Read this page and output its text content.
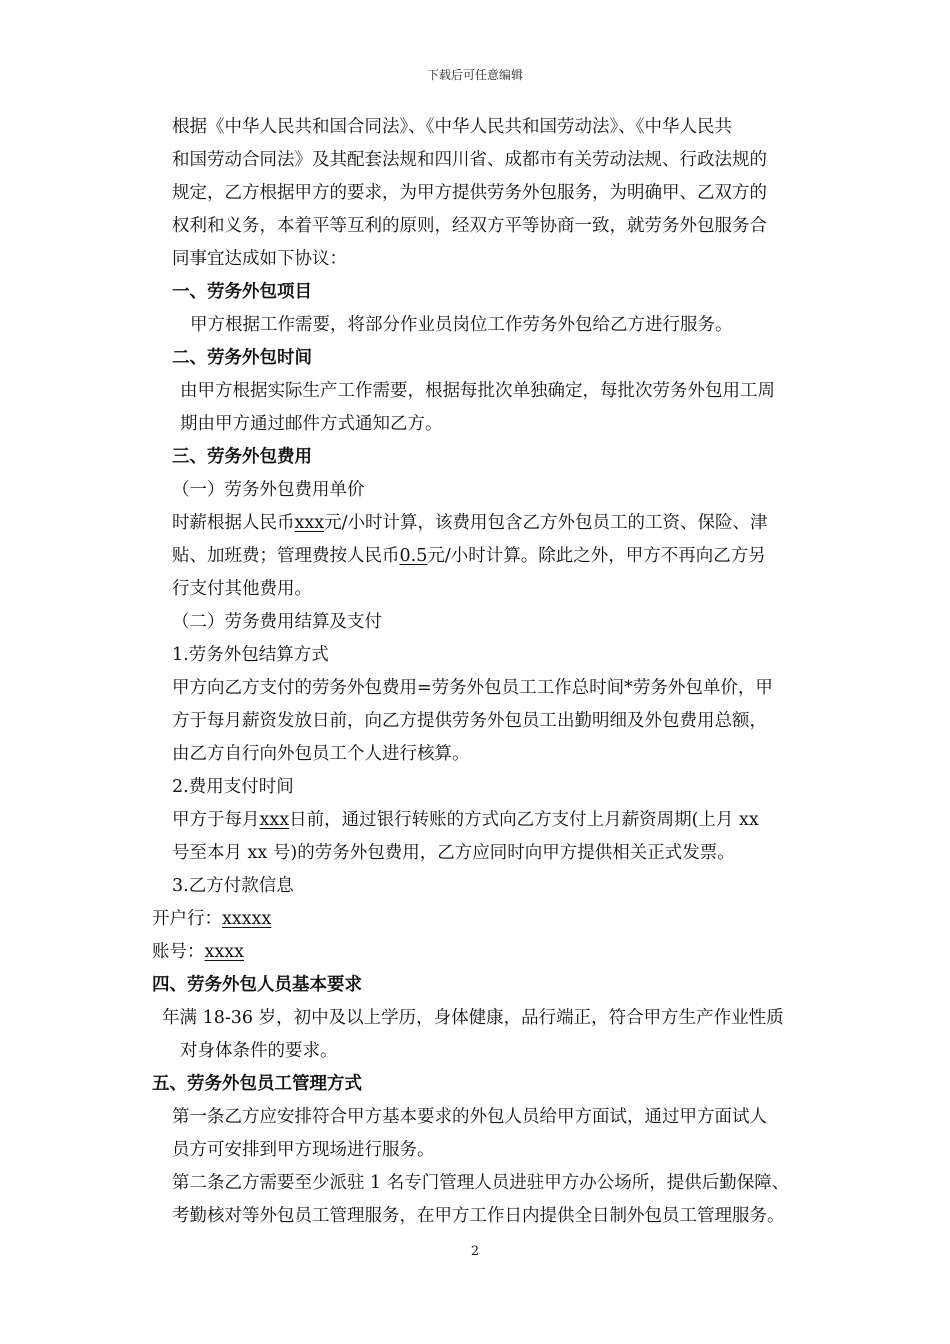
下载后可任意编辑
根据《中华人民共和国合同法》、《中华人民共和国劳动法》、《中华人民共
和国劳动合同法》及其配套法规和四川省、成都市有关劳动法规、行政法规的
规定，乙方根据甲方的要求，为甲方提供劳务外包服务，为明确甲、乙双方的
权利和义务，本着平等互利的原则，经双方平等协商一致，就劳务外包服务合
同事宜达成如下协议：
一、劳务外包项目
甲方根据工作需要，将部分作业员岗位工作劳务外包给乙方进行服务。
二、劳务外包时间
由甲方根据实际生产工作需要，根据每批次单独确定，每批次劳务外包用工周
期由甲方通过邮件方式通知乙方。
三、劳务外包费用
（一）劳务外包费用单价
时薪根据人民币xxx元/小时计算，该费用包含乙方外包员工的工资、保险、津
贴、加班费；管理费按人民币0.5元/小时计算。除此之外，甲方不再向乙方另
行支付其他费用。
（二）劳务费用结算及支付
1.劳务外包结算方式
甲方向乙方支付的劳务外包费用=劳务外包员工工作总时间*劳务外包单价，甲
方于每月薪资发放日前，向乙方提供劳务外包员工出勤明细及外包费用总额，
由乙方自行向外包员工个人进行核算。
2.费用支付时间
甲方于每月xxx日前，通过银行转账的方式向乙方支付上月薪资周期(上月 xx
号至本月 xx 号)的劳务外包费用，乙方应同时向甲方提供相关正式发票。
3.乙方付款信息
开户行：xxxxx
账号：xxxx
四、劳务外包人员基本要求
年满 18-36 岁，初中及以上学历，身体健康，品行端正，符合甲方生产作业性质
对身体条件的要求。
五、劳务外包员工管理方式
第一条乙方应安排符合甲方基本要求的外包人员给甲方面试，通过甲方面试人
员方可安排到甲方现场进行服务。
第二条乙方需要至少派驻 1 名专门管理人员进驻甲方办公场所，提供后勤保障、
考勤核对等外包员工管理服务，在甲方工作日内提供全日制外包员工管理服务。
2
